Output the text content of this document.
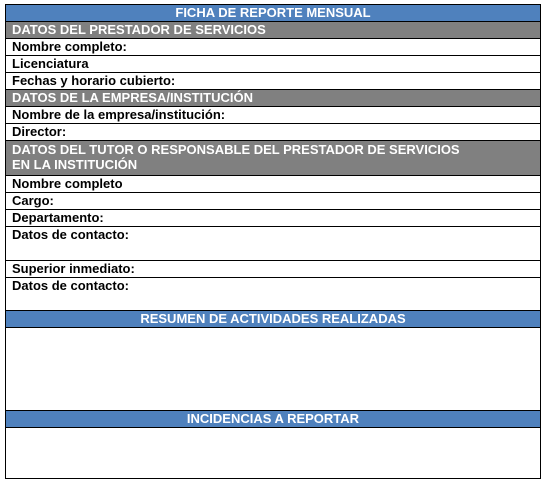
FICHA DE REPORTE MENSUAL
DATOS DEL PRESTADOR DE SERVICIOS
Nombre completo:
Licenciatura
Fechas y horario cubierto:
DATOS DE LA EMPRESA/INSTITUCIÓN
Nombre de la empresa/institución:
Director:
DATOS DEL TUTOR O RESPONSABLE DEL PRESTADOR DE SERVICIOS
EN LA INSTITUCIÓN
Nombre completo
Cargo:
Departamento:
Datos de contacto:
Superior inmediato:
Datos de contacto:
RESUMEN DE ACTIVIDADES REALIZADAS
INCIDENCIAS A REPORTAR
